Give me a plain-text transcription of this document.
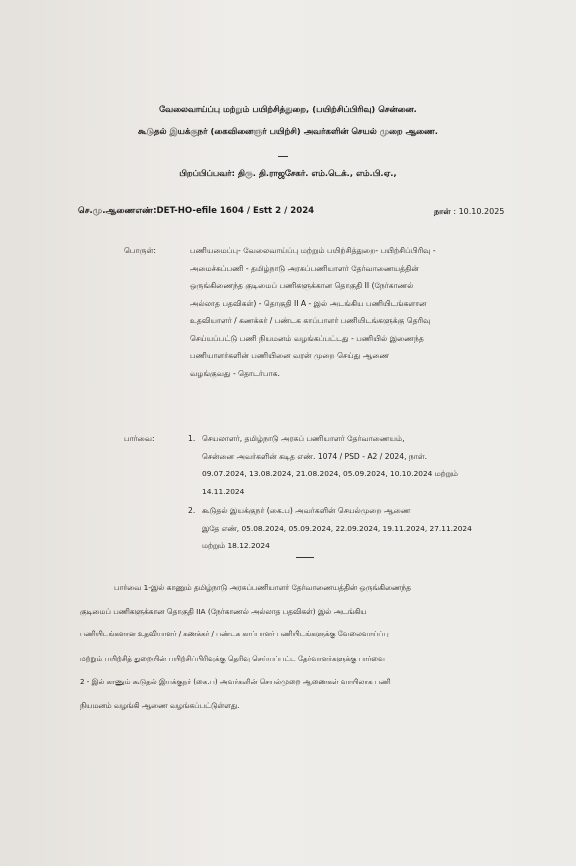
வேலைவாய்ப்பு மற்றும் பயிற்சித்துறை, (பயிற்சிப்பிரிவு) சென்னை.
கூடுதல் இயக்குநர் (கைவினைஞர் பயிற்சி) அவர்களின் செயல் முறை ஆணை.
பிறப்பிப்பவர்: திரு. தி.ராஜசேகர். எம்.டெக்., எம்.பி.ஏ.,
செ.மு.ஆணைஎண்:DET-HO-efile 1604 / Estt 2 / 2024	நாள் : 10.10.2025
பொருள்:	பணியமைப்பு- வேலைவாய்ப்பு மற்றும் பயிற்சித்துறை- பயிற்சிப்பிரிவு -
அமைச்சுப்பணி - தமிழ்நாடு அரசுப்பணியாளர் தேர்வாணையத்தின்
ஒருங்கிணைந்த குடிமைப் பணிகளுக்கான தொகுதி II (நேர்காணல்
அல்லாத பதவிகள்) - தொகுதி II A - இல் அடங்கிய பணியிடங்களான
உதவியாளர் / கணக்கர் / பண்டக காப்பாளர் பணியிடங்களுக்கு தெரிவு
செய்யப்பட்டு பணி நியமனம் வழங்கப்பட்டது - பணியில் இணைந்த
பணியாளர்களின் பணியினை வரன் முறை செய்து ஆணை
வழங்குவது - தொடர்பாக.
பார்வை:	1. செயலாளர், தமிழ்நாடு அரசுப் பணியாளர் தேர்வாணையம்,
சென்னை அவர்களின் கடித எண். 1074 / PSD - A2 / 2024, நாள்.
09.07.2024, 13.08.2024, 21.08.2024, 05.09.2024, 10.10.2024 மற்றும்
14.11.2024
2. கூடுதல் இயக்குநர் (கை.ப) அவர்களின் செயல்முறை ஆணை
இதே எண், 05.08.2024, 05.09.2024, 22.09.2024, 19.11.2024, 27.11.2024
மற்றும் 18.12.2024
பார்வை 1-இல் காணும் தமிழ்நாடு அரசுப்பணியாளர் தேர்வாணையத்தின் ஒருங்கிணைந்த
குடிமைப் பணிகளுக்கான தொகுதி IIA (நேர்காணல் அல்லாத பதவிகள்) இல் அடங்கிய
பணியிடங்களான உதவியாளர் / கணக்கர் / பண்டக காப்பாளர் பணியிடங்களுக்கு வேலைவாய்ப்பு
மற்றும் பயிற்சித் துறையின் பயிற்சிப்பிரிவுக்கு தெரிவு செய்யப்பட்ட தேர்வாளர்களுக்கு பார்வை
2 - இல் காணும் கூடுதல் இயக்குநர் (கை.ப) அவர்களின் செயல்முறை ஆணைகள் வாயிலாக பணி
நியமனம் வழங்கி ஆணை வழங்கப்பட்டுள்ளது.
